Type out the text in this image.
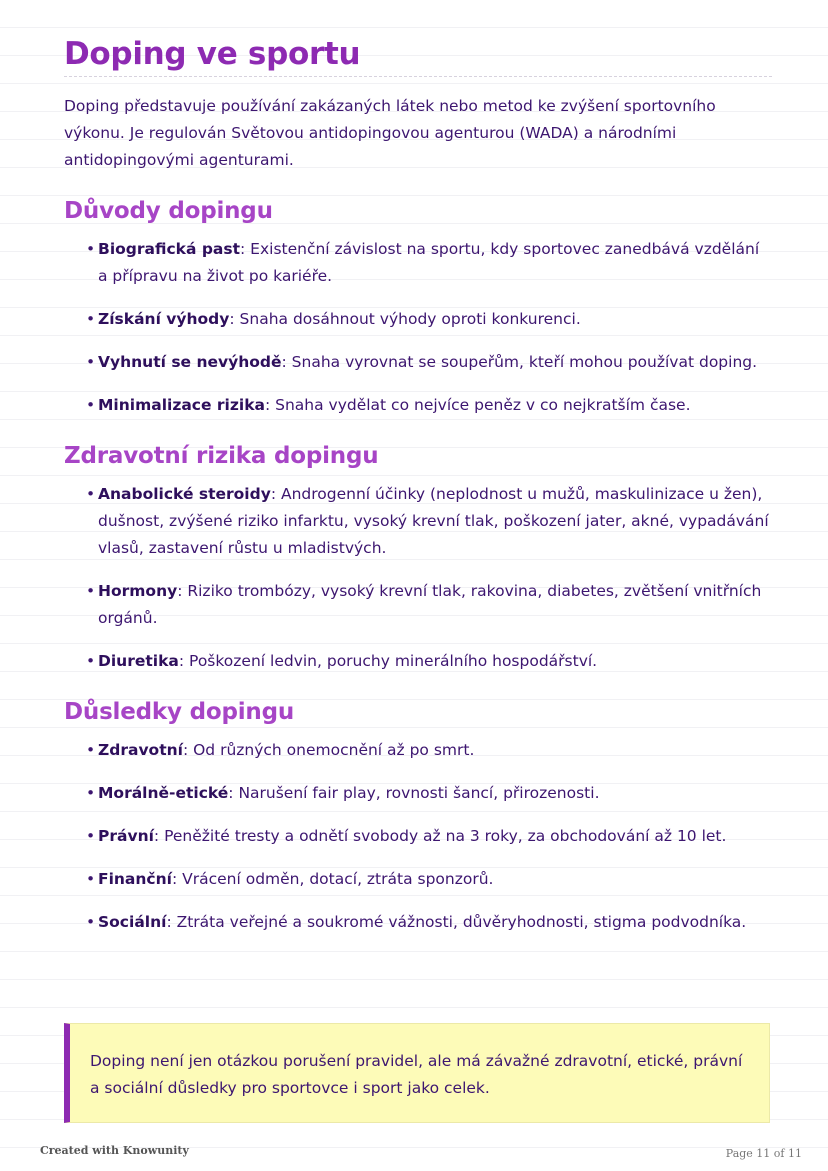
Doping ve sportu

Doping představuje používání zakázaných látek nebo metod ke zvýšení sportovního výkonu. Je regulován Světovou antidopingovou agenturou (WADA) a národními antidopingovými agenturami.

Důvody dopingu
• Biografická past: Existenční závislost na sportu, kdy sportovec zanedbává vzdělání a přípravu na život po kariéře.
• Získání výhody: Snaha dosáhnout výhody oproti konkurenci.
• Vyhnutí se nevýhodě: Snaha vyrovnat se soupeřům, kteří mohou používat doping.
• Minimalizace rizika: Snaha vydělat co nejvíce peněz v co nejkratším čase.
Zdravotní rizika dopingu
• Anabolické steroidy: Androgenní účinky (neplodnost u mužů, maskulinizace u žen), dušnost, zvýšené riziko infarktu, vysoký krevní tlak, poškození jater, akné, vypadávání vlasů, zastavení růstu u mladistvých.
• Hormony: Riziko trombózy, vysoký krevní tlak, rakovina, diabetes, zvětšení vnitřních orgánů.
• Diuretika: Poškození ledvin, poruchy minerálního hospodářství.
Důsledky dopingu
• Zdravotní: Od různých onemocnění až po smrt.
• Morálně-etické: Narušení fair play, rovnosti šancí, přirozenosti.
• Právní: Peněžité tresty a odnětí svobody až na 3 roky, za obchodování až 10 let.
• Finanční: Vrácení odměn, dotací, ztráta sponzorů.
• Sociální: Ztráta veřejné a soukromé vážnosti, důvěryhodnosti, stigma podvodníka.
Doping není jen otázkou porušení pravidel, ale má závažné zdravotní, etické, právní a sociální důsledky pro sportovce i sport jako celek.
Created with Knowunity	Page 11 of 11
